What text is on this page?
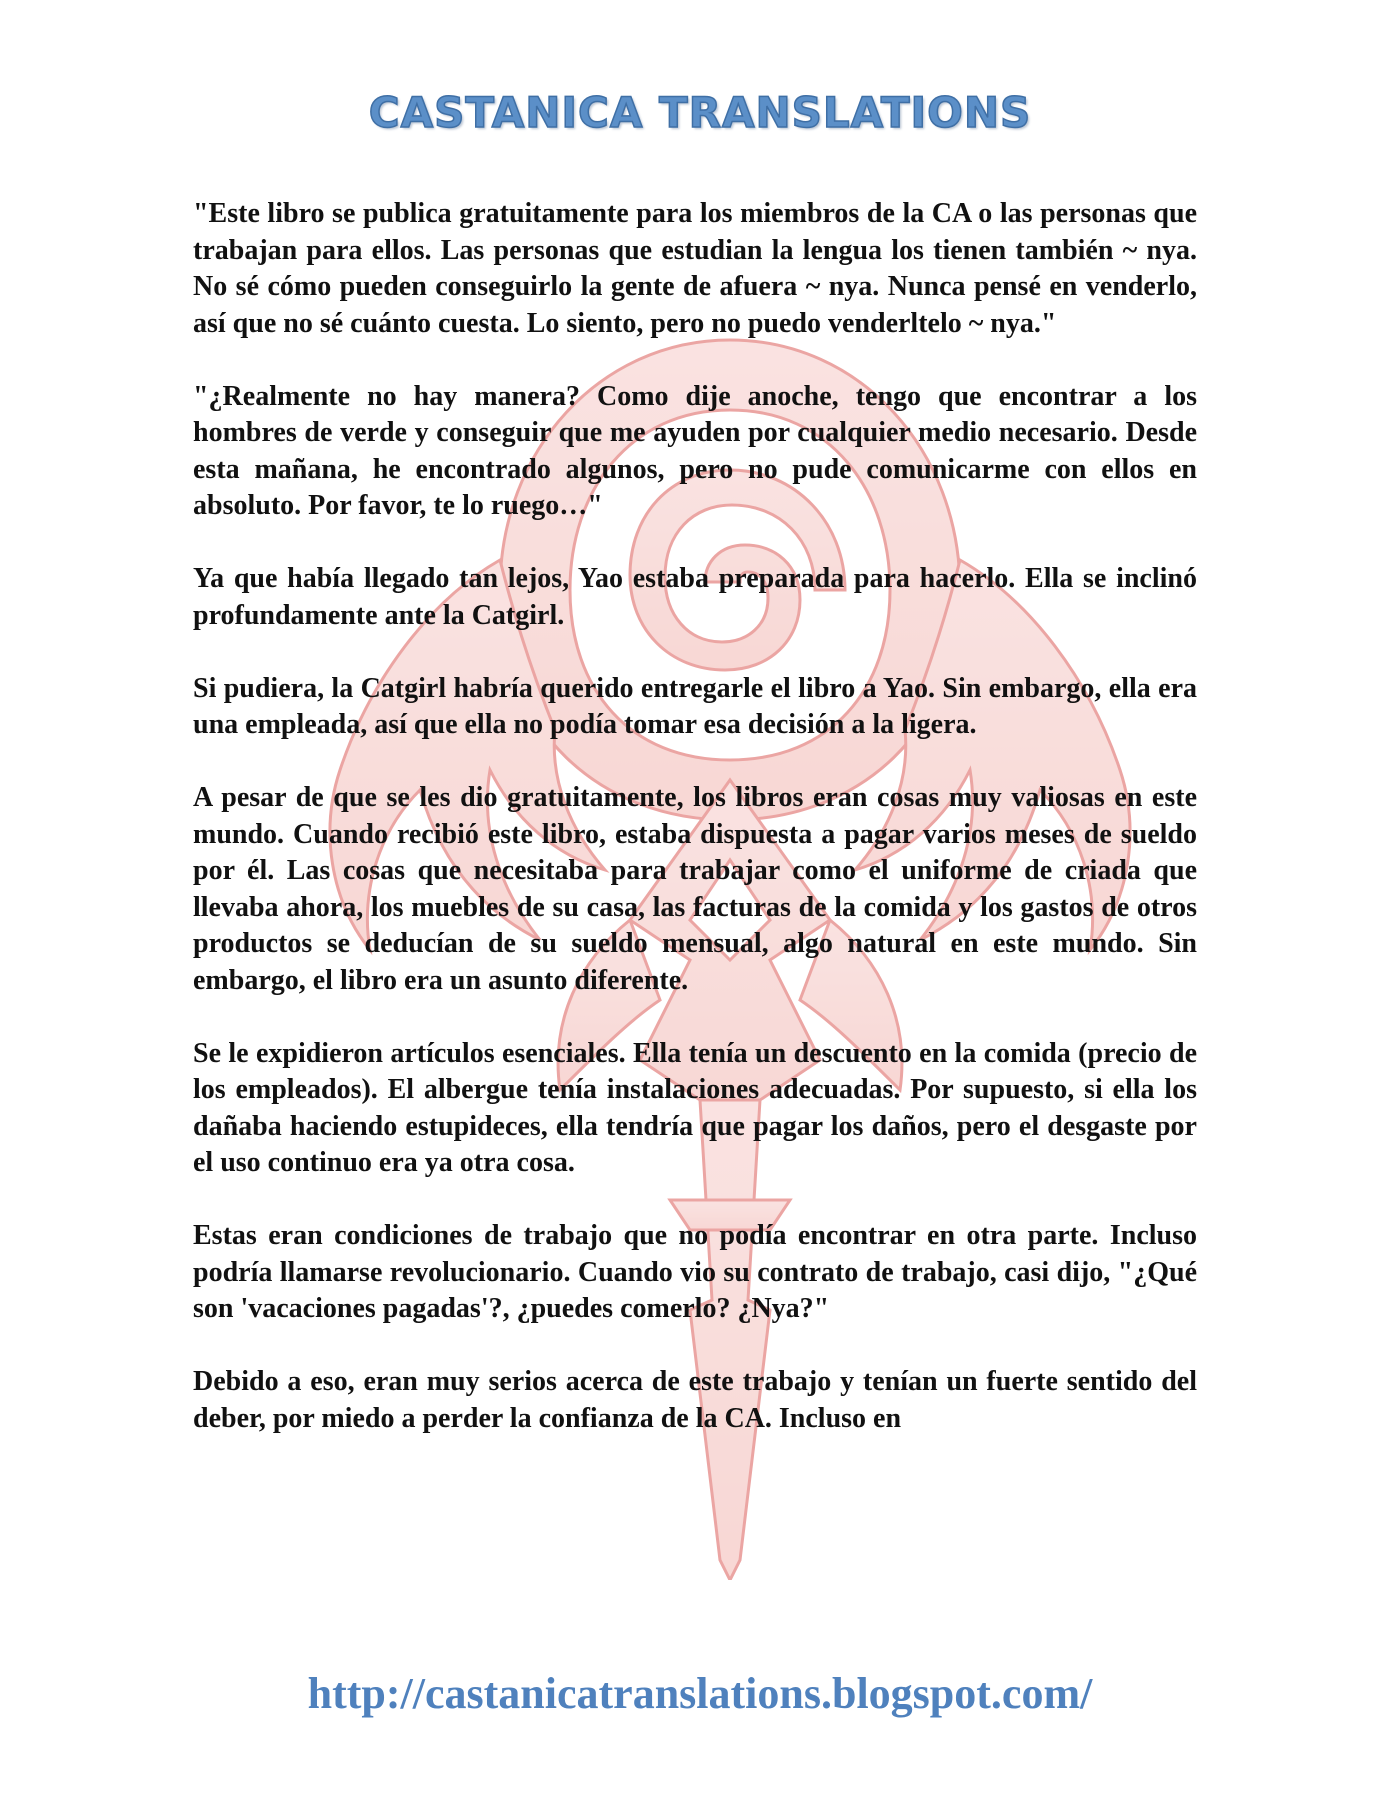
CASTANICA TRANSLATIONS

"Este libro se publica gratuitamente para los miembros de la CA o las personas que trabajan para ellos. Las personas que estudian la lengua los tienen también ~ nya. No sé cómo pueden conseguirlo la gente de afuera ~ nya. Nunca pensé en venderlo, así que no sé cuánto cuesta. Lo siento, pero no puedo venderltelo ~ nya."

"¿Realmente no hay manera? Como dije anoche, tengo que encontrar a los hombres de verde y conseguir que me ayuden por cualquier medio necesario. Desde esta mañana, he encontrado algunos, pero no pude comunicarme con ellos en absoluto. Por favor, te lo ruego…"

Ya que había llegado tan lejos, Yao estaba preparada para hacerlo. Ella se inclinó profundamente ante la Catgirl.

Si pudiera, la Catgirl habría querido entregarle el libro a Yao. Sin embargo, ella era una empleada, así que ella no podía tomar esa decisión a la ligera.

A pesar de que se les dio gratuitamente, los libros eran cosas muy valiosas en este mundo. Cuando recibió este libro, estaba dispuesta a pagar varios meses de sueldo por él. Las cosas que necesitaba para trabajar como el uniforme de criada que llevaba ahora, los muebles de su casa, las facturas de la comida y los gastos de otros productos se deducían de su sueldo mensual, algo natural en este mundo. Sin embargo, el libro era un asunto diferente.

Se le expidieron artículos esenciales. Ella tenía un descuento en la comida (precio de los empleados). El albergue tenía instalaciones adecuadas. Por supuesto, si ella los dañaba haciendo estupideces, ella tendría que pagar los daños, pero el desgaste por el uso continuo era ya otra cosa.

Estas eran condiciones de trabajo que no podía encontrar en otra parte. Incluso podría llamarse revolucionario. Cuando vio su contrato de trabajo, casi dijo, "¿Qué son 'vacaciones pagadas'?, ¿puedes comerlo? ¿Nya?"

Debido a eso, eran muy serios acerca de este trabajo y tenían un fuerte sentido del deber, por miedo a perder la confianza de la CA. Incluso en

http://castanicatranslations.blogspot.com/
